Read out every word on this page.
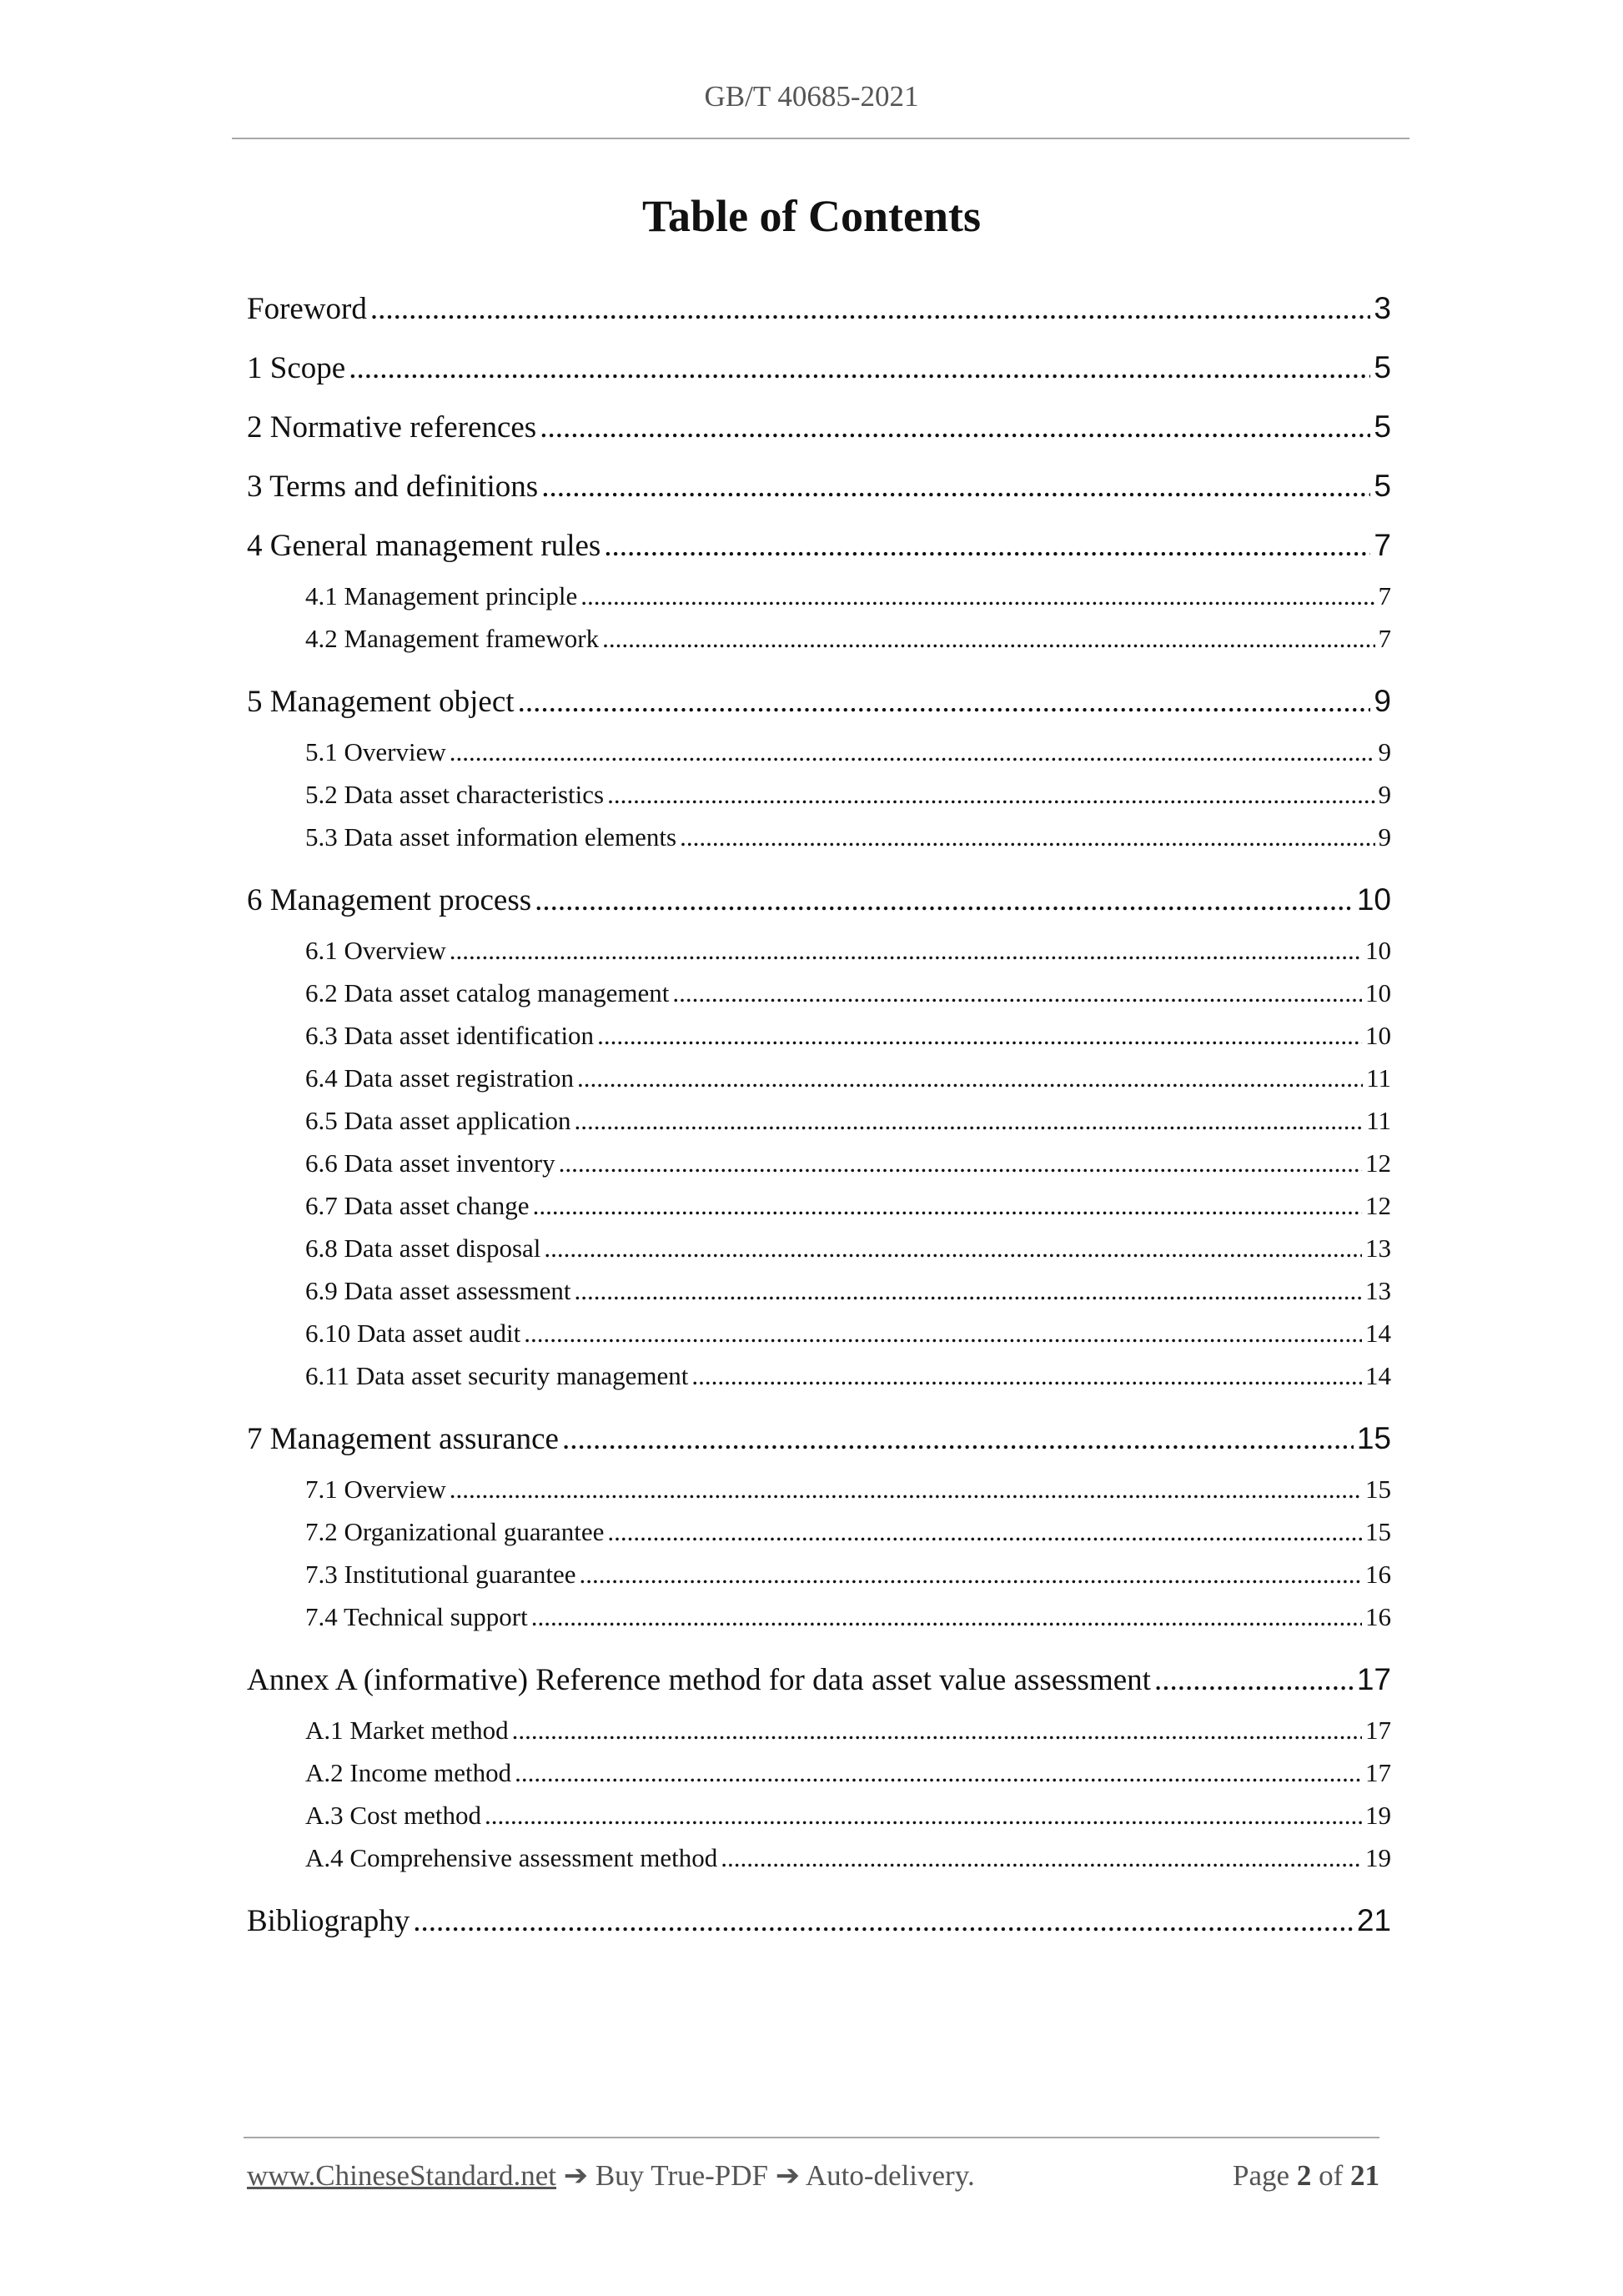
GB/T 40685-2021
Table of Contents
Foreword .....	3
1 Scope .....	5
2 Normative references .....	5
3 Terms and definitions .....	5
4 General management rules .....	7
4.1 Management principle .....	7
4.2 Management framework .....	7
5 Management object .....	9
5.1 Overview .....	9
5.2 Data asset characteristics .....	9
5.3 Data asset information elements .....	9
6 Management process .....	10
6.1 Overview .....	10
6.2 Data asset catalog management .....	10
6.3 Data asset identification .....	10
6.4 Data asset registration .....	11
6.5 Data asset application .....	11
6.6 Data asset inventory .....	12
6.7 Data asset change .....	12
6.8 Data asset disposal .....	13
6.9 Data asset assessment .....	13
6.10 Data asset audit .....	14
6.11 Data asset security management .....	14
7 Management assurance .....	15
7.1 Overview .....	15
7.2 Organizational guarantee .....	15
7.3 Institutional guarantee .....	16
7.4 Technical support .....	16
Annex A (informative) Reference method for data asset value assessment .....	17
A.1 Market method .....	17
A.2 Income method .....	17
A.3 Cost method .....	19
A.4 Comprehensive assessment method .....	19
Bibliography .....	21
www.ChineseStandard.net ➔ Buy True-PDF ➔ Auto-delivery.	Page 2 of 21
